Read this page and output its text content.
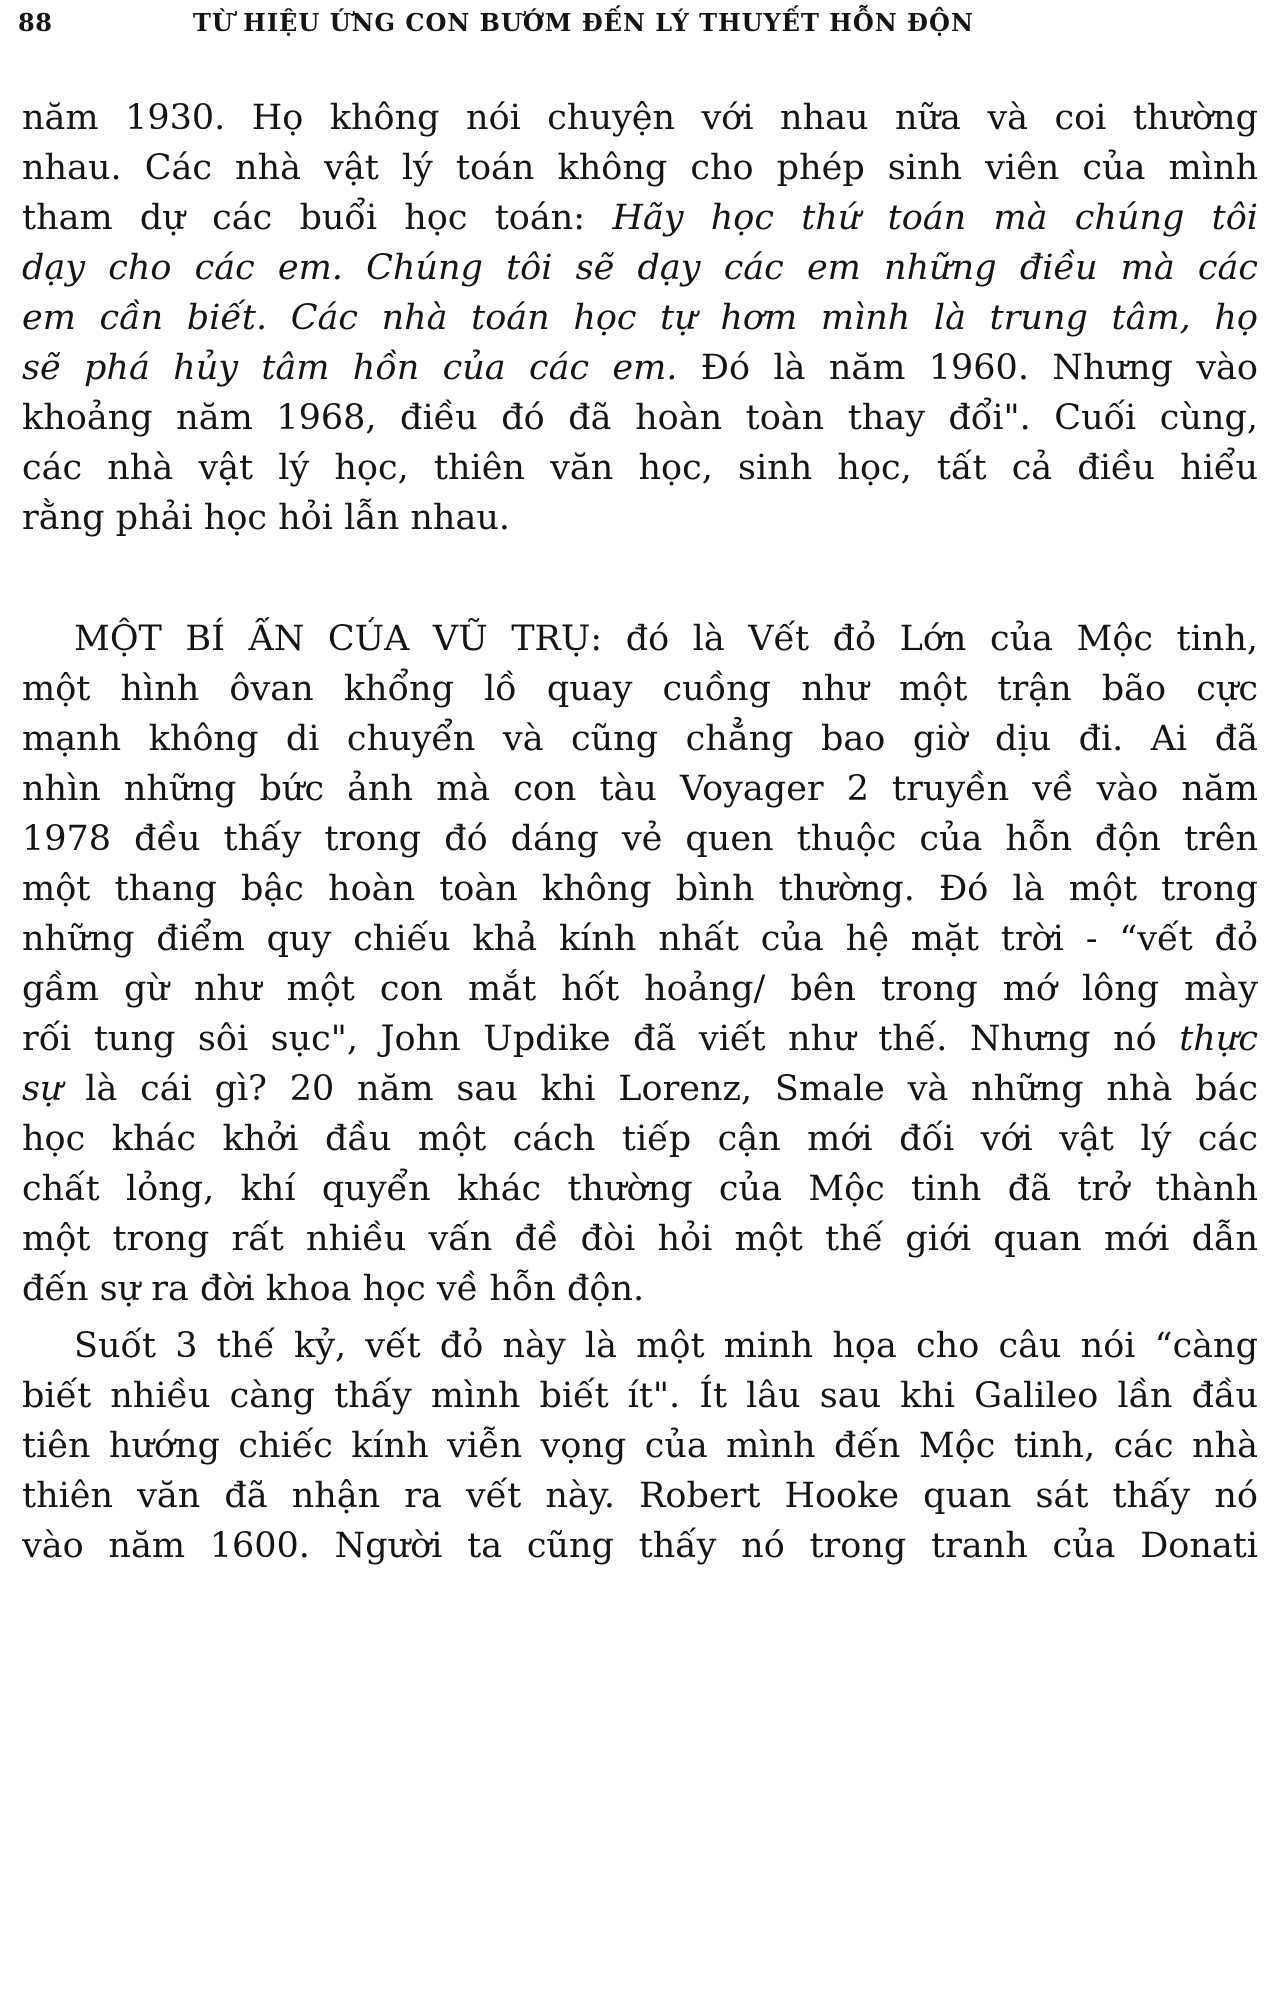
88	TỪ HIỆU ỨNG CON BƯỚM ĐẾN LÝ THUYẾT HỖN ĐỘN
năm 1930. Họ không nói chuyện với nhau nữa và coi thường
nhau. Các nhà vật lý toán không cho phép sinh viên của mình
tham dự các buổi học toán: Hãy học thứ toán mà chúng tôi
dạy cho các em. Chúng tôi sẽ dạy các em những điều mà các
em cần biết. Các nhà toán học tự hơm mình là trung tâm, họ
sẽ phá hủy tâm hồn của các em. Đó là năm 1960. Nhưng vào
khoảng năm 1968, điều đó đã hoàn toàn thay đổi". Cuối cùng,
các nhà vật lý học, thiên văn học, sinh học, tất cả điều hiểu
rằng phải học hỏi lẫn nhau.
MỘT BÍ ẨN CỦA VŨ TRỤ: đó là Vết đỏ Lớn của Mộc tinh,
một hình ôvan khổng lồ quay cuồng như một trận bão cực
mạnh không di chuyển và cũng chẳng bao giờ dịu đi. Ai đã
nhìn những bức ảnh mà con tàu Voyager 2 truyền về vào năm
1978 đều thấy trong đó dáng vẻ quen thuộc của hỗn độn trên
một thang bậc hoàn toàn không bình thường. Đó là một trong
những điểm quy chiếu khả kính nhất của hệ mặt trời - “vết đỏ
gầm gừ như một con mắt hốt hoảng/ bên trong mớ lông mày
rối tung sôi sục", John Updike đã viết như thế. Nhưng nó thực
sự là cái gì? 20 năm sau khi Lorenz, Smale và những nhà bác
học khác khởi đầu một cách tiếp cận mới đối với vật lý các
chất lỏng, khí quyển khác thường của Mộc tinh đã trở thành
một trong rất nhiều vấn đề đòi hỏi một thế giới quan mới dẫn
đến sự ra đời khoa học về hỗn độn.
Suốt 3 thế kỷ, vết đỏ này là một minh họa cho câu nói “càng
biết nhiều càng thấy mình biết ít". Ít lâu sau khi Galileo lần đầu
tiên hướng chiếc kính viễn vọng của mình đến Mộc tinh, các nhà
thiên văn đã nhận ra vết này. Robert Hooke quan sát thấy nó
vào năm 1600. Người ta cũng thấy nó trong tranh của Donati
